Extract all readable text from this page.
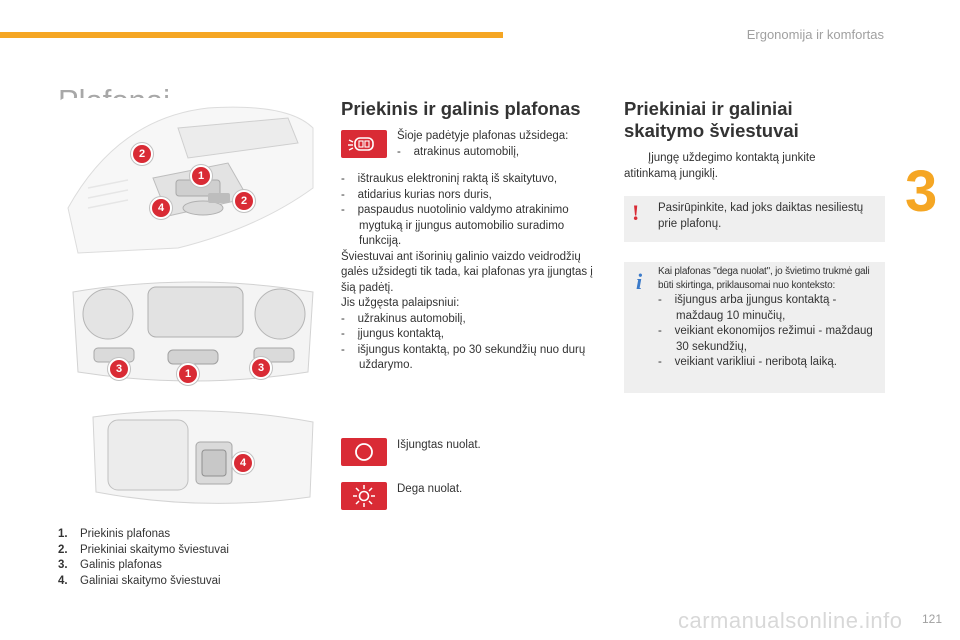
Ergonomija ir komfortas
3
2
1
2
4
3	1	3
4
1. Priekinis plafonas
2. Priekiniai skaitymo šviestuvai
3. Galinis plafonas
4. Galiniai skaitymo šviestuvai
Priekinis ir galinis plafonas

Šioje padėtyje plafonas užsidega:

-    atrakinus automobilį,

-    ištraukus elektroninį raktą iš skaitytuvo,

-    atidarius kurias nors duris,

-    paspaudus nuotolinio valdymo atrakinimo mygtuką ir įjungus automobilio suradimo funkciją.

Šviestuvai ant išorinių galinio vaizdo veidrodžių galės užsidegti tik tada, kai plafonas yra įjungtas į šią padėtį.

Jis užgęsta palaipsniui:

-    užrakinus automobilį,

-    įjungus kontaktą,

-    išjungus kontaktą, po 30 sekundžių nuo durų uždarymo.

Išjungtas nuolat.
Dega nuolat.
Priekiniai ir galiniai
skaitymo šviestuvai
Įjungę uždegimo kontaktą junkite atitinkamą jungiklį.
! Pasirūpinkite, kad joks daiktas nesiliestų prie plafonų.
i Kai plafonas "dega nuolat", jo švietimo trukmė gali būti skirtinga, priklausomai nuo konteksto:

-    išjungus arba įjungus kontaktą - maždaug 10 minučių,

-    veikiant ekonomijos režimui - maždaug 30 sekundžių,

-    veikiant varikliui - neribotą laiką.

carmanualsonline.info 121
